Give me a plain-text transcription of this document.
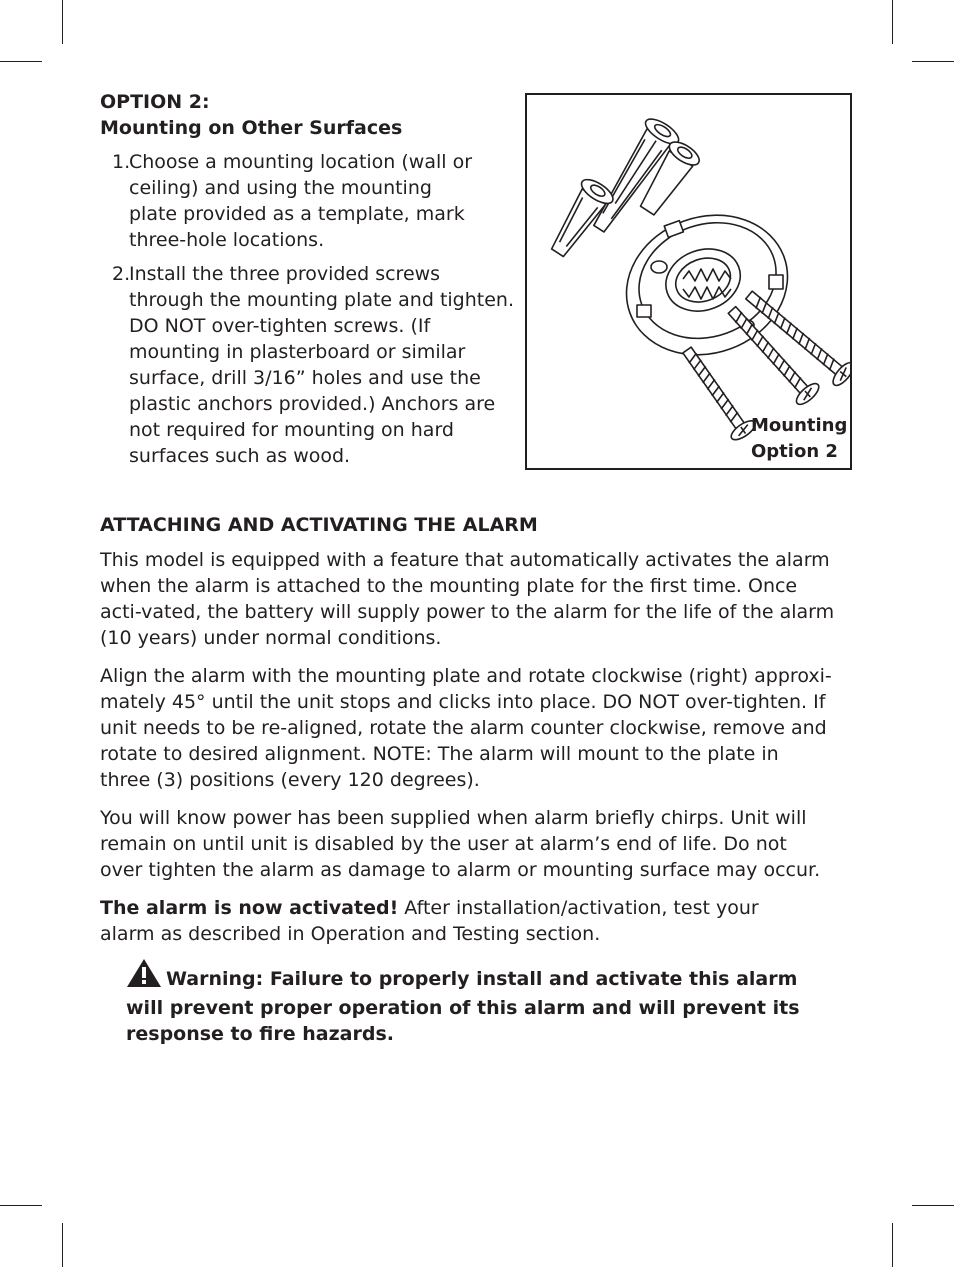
OPTION 2:
Mounting on Other Surfaces
1.
Choose a mounting location (wall or ceiling) and using the mounting plate provided as a template, mark three-hole locations.
2.
Install the three provided screws through the mounting plate and tighten. DO NOT over-tighten screws. (If mounting in plasterboard or similar surface, drill 3/16” holes and use the plastic anchors provided.) Anchors are not required for mounting on hard surfaces such as wood.
Mounting
Option 2
ATTACHING AND ACTIVATING THE ALARM

This model is equipped with a feature that automatically activates the alarm when the alarm is attached to the mounting plate for the first time. Once acti-vated, the battery will supply power to the alarm for the life of the alarm (10 years) under normal conditions.

Align the alarm with the mounting plate and rotate clockwise (right) approxi-mately 45° until the unit stops and clicks into place. DO NOT over-tighten. If unit needs to be re-aligned, rotate the alarm counter clockwise, remove and rotate to desired alignment. NOTE: The alarm will mount to the plate in three (3) positions (every 120 degrees).

You will know power has been supplied when alarm briefly chirps. Unit will remain on until unit is disabled by the user at alarm’s end of life. Do not over tighten the alarm as damage to alarm or mounting surface may occur.

The alarm is now activated! After installation/activation, test your alarm as described in Operation and Testing section.

Warning: Failure to properly install and activate this alarm will prevent proper operation of this alarm and will prevent its response to fire hazards.
